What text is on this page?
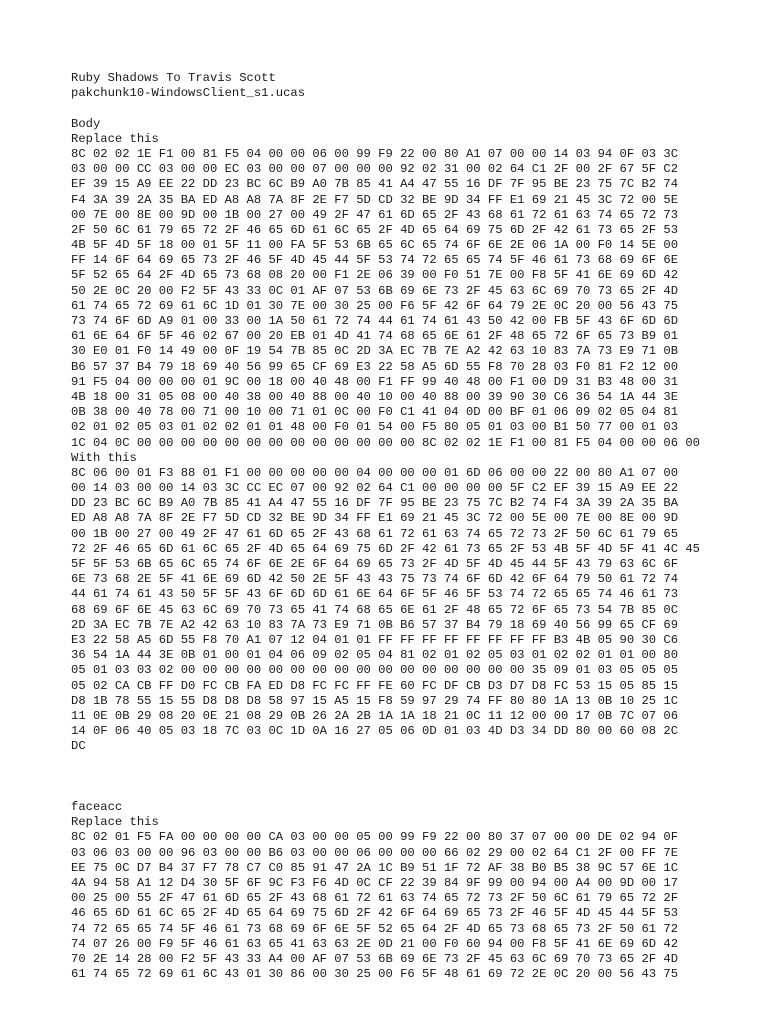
Ruby Shadows To Travis Scott
pakchunk10-WindowsClient_s1.ucas
Body
Replace this
8C 02 02 1E F1 00 81 F5 04 00 00 06 00 99 F9 22 00 80 A1 07 00 00 14 03 94 0F 03 3C
03 00 00 CC 03 00 00 EC 03 00 00 07 00 00 00 92 02 31 00 02 64 C1 2F 00 2F 67 5F C2
EF 39 15 A9 EE 22 DD 23 BC 6C B9 A0 7B 85 41 A4 47 55 16 DF 7F 95 BE 23 75 7C B2 74
F4 3A 39 2A 35 BA ED A8 A8 7A 8F 2E F7 5D CD 32 BE 9D 34 FF E1 69 21 45 3C 72 00 5E
00 7E 00 8E 00 9D 00 1B 00 27 00 49 2F 47 61 6D 65 2F 43 68 61 72 61 63 74 65 72 73
2F 50 6C 61 79 65 72 2F 46 65 6D 61 6C 65 2F 4D 65 64 69 75 6D 2F 42 61 73 65 2F 53
4B 5F 4D 5F 18 00 01 5F 11 00 FA 5F 53 6B 65 6C 65 74 6F 6E 2E 06 1A 00 F0 14 5E 00
FF 14 6F 64 69 65 73 2F 46 5F 4D 45 44 5F 53 74 72 65 65 74 5F 46 61 73 68 69 6F 6E
5F 52 65 64 2F 4D 65 73 68 08 20 00 F1 2E 06 39 00 F0 51 7E 00 F8 5F 41 6E 69 6D 42
50 2E 0C 20 00 F2 5F 43 33 0C 01 AF 07 53 6B 69 6E 73 2F 45 63 6C 69 70 73 65 2F 4D
61 74 65 72 69 61 6C 1D 01 30 7E 00 30 25 00 F6 5F 42 6F 64 79 2E 0C 20 00 56 43 75
73 74 6F 6D A9 01 00 33 00 1A 50 61 72 74 44 61 74 61 43 50 42 00 FB 5F 43 6F 6D 6D
61 6E 64 6F 5F 46 02 67 00 20 EB 01 4D 41 74 68 65 6E 61 2F 48 65 72 6F 65 73 B9 01
30 E0 01 F0 14 49 00 0F 19 54 7B 85 0C 2D 3A EC 7B 7E A2 42 63 10 83 7A 73 E9 71 0B
B6 57 37 B4 79 18 69 40 56 99 65 CF 69 E3 22 58 A5 6D 55 F8 70 28 03 F0 81 F2 12 00
91 F5 04 00 00 00 01 9C 00 18 00 40 48 00 F1 FF 99 40 48 00 F1 00 D9 31 B3 48 00 31
4B 18 00 31 05 08 00 40 38 00 40 88 00 40 10 00 40 88 00 39 90 30 C6 36 54 1A 44 3E
0B 38 00 40 78 00 71 00 10 00 71 01 0C 00 F0 C1 41 04 0D 00 BF 01 06 09 02 05 04 81
02 01 02 05 03 01 02 02 01 01 48 00 F0 01 54 00 F5 80 05 01 03 00 B1 50 77 00 01 03
1C 04 0C 00 00 00 00 00 00 00 00 00 00 00 00 00 8C 02 02 1E F1 00 81 F5 04 00 00 06 00
With this
8C 06 00 01 F3 88 01 F1 00 00 00 00 00 04 00 00 00 01 6D 06 00 00 22 00 80 A1 07 00
00 14 03 00 00 14 03 3C CC EC 07 00 92 02 64 C1 00 00 00 00 5F C2 EF 39 15 A9 EE 22
DD 23 BC 6C B9 A0 7B 85 41 A4 47 55 16 DF 7F 95 BE 23 75 7C B2 74 F4 3A 39 2A 35 BA
ED A8 A8 7A 8F 2E F7 5D CD 32 BE 9D 34 FF E1 69 21 45 3C 72 00 5E 00 7E 00 8E 00 9D
00 1B 00 27 00 49 2F 47 61 6D 65 2F 43 68 61 72 61 63 74 65 72 73 2F 50 6C 61 79 65
72 2F 46 65 6D 61 6C 65 2F 4D 65 64 69 75 6D 2F 42 61 73 65 2F 53 4B 5F 4D 5F 41 4C 45
5F 5F 53 6B 65 6C 65 74 6F 6E 2E 6F 64 69 65 73 2F 4D 5F 4D 45 44 5F 43 79 63 6C 6F
6E 73 68 2E 5F 41 6E 69 6D 42 50 2E 5F 43 43 75 73 74 6F 6D 42 6F 64 79 50 61 72 74
44 61 74 61 43 50 5F 5F 43 6F 6D 6D 61 6E 64 6F 5F 46 5F 53 74 72 65 65 74 46 61 73
68 69 6F 6E 45 63 6C 69 70 73 65 41 74 68 65 6E 61 2F 48 65 72 6F 65 73 54 7B 85 0C
2D 3A EC 7B 7E A2 42 63 10 83 7A 73 E9 71 0B B6 57 37 B4 79 18 69 40 56 99 65 CF 69
E3 22 58 A5 6D 55 F8 70 A1 07 12 04 01 01 FF FF FF FF FF FF FF FF B3 4B 05 90 30 C6
36 54 1A 44 3E 0B 01 00 01 04 06 09 02 05 04 81 02 01 02 05 03 01 02 02 01 01 00 80
05 01 03 03 02 00 00 00 00 00 00 00 00 00 00 00 00 00 00 00 00 35 09 01 03 05 05 05
05 02 CA CB FF D0 FC CB FA ED D8 FC FC FF FE 60 FC DF CB D3 D7 D8 FC 53 15 05 85 15
D8 1B 78 55 15 55 D8 D8 D8 58 97 15 A5 15 F8 59 97 29 74 FF 80 80 1A 13 0B 10 25 1C
11 0E 0B 29 08 20 0E 21 08 29 0B 26 2A 2B 1A 1A 18 21 0C 11 12 00 00 17 0B 7C 07 06
14 0F 06 40 05 03 18 7C 03 0C 1D 0A 16 27 05 06 0D 01 03 4D D3 34 DD 80 00 60 08 2C
DC
faceacc
Replace this
8C 02 01 F5 FA 00 00 00 00 CA 03 00 00 05 00 99 F9 22 00 80 37 07 00 00 DE 02 94 0F
03 06 03 00 00 96 03 00 00 B6 03 00 00 06 00 00 00 66 02 29 00 02 64 C1 2F 00 FF 7E
EE 75 0C D7 B4 37 F7 78 C7 C0 85 91 47 2A 1C B9 51 1F 72 AF 38 B0 B5 38 9C 57 6E 1C
4A 94 58 A1 12 D4 30 5F 6F 9C F3 F6 4D 0C CF 22 39 84 9F 99 00 94 00 A4 00 9D 00 17
00 25 00 55 2F 47 61 6D 65 2F 43 68 61 72 61 63 74 65 72 73 2F 50 6C 61 79 65 72 2F
46 65 6D 61 6C 65 2F 4D 65 64 69 75 6D 2F 42 6F 64 69 65 73 2F 46 5F 4D 45 44 5F 53
74 72 65 65 74 5F 46 61 73 68 69 6F 6E 5F 52 65 64 2F 4D 65 73 68 65 73 2F 50 61 72
74 07 26 00 F9 5F 46 61 63 65 41 63 63 2E 0D 21 00 F0 60 94 00 F8 5F 41 6E 69 6D 42
70 2E 14 28 00 F2 5F 43 33 A4 00 AF 07 53 6B 69 6E 73 2F 45 63 6C 69 70 73 65 2F 4D
61 74 65 72 69 61 6C 43 01 30 86 00 30 25 00 F6 5F 48 61 69 72 2E 0C 20 00 56 43 75
